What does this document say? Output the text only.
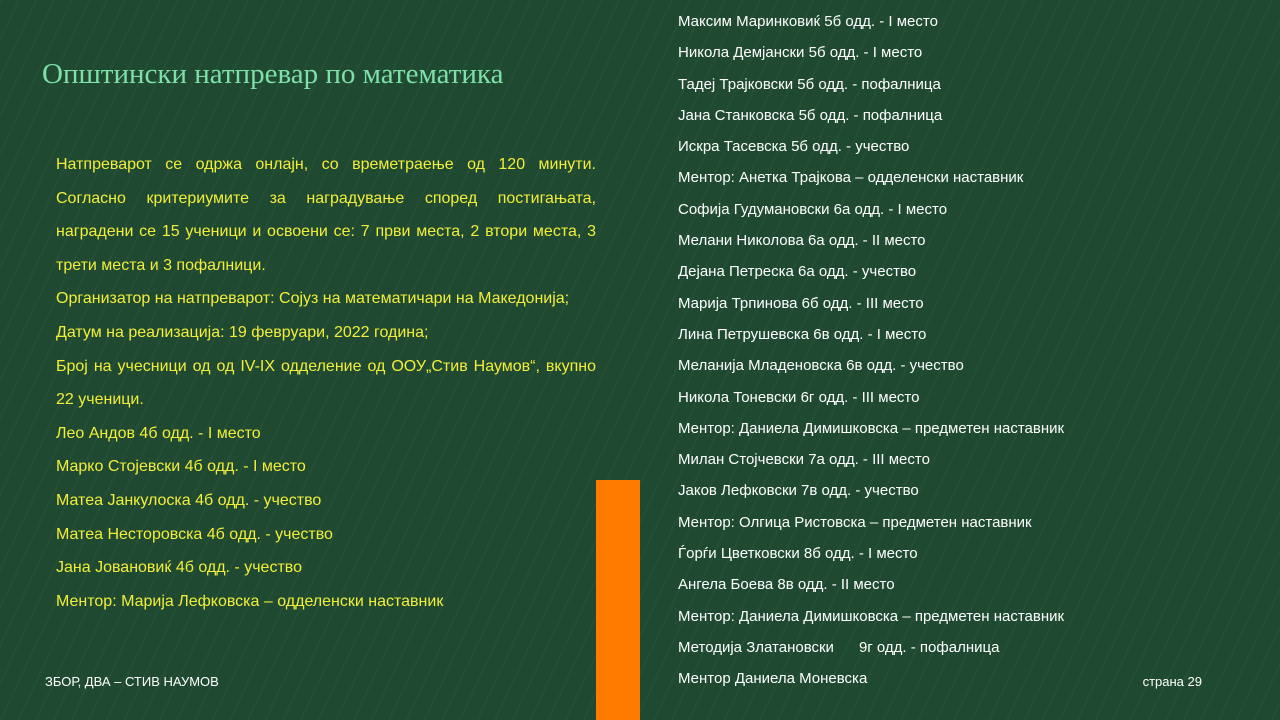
Општински натпревар по математика

Натпреварот се одржа онлајн, со времетраење од 120 минути. Согласно критериумите за наградување според постигањата, наградени се 15 ученици и освоени се: 7 први места, 2 втори места, 3 трети места и 3 пофалници.

Организатор на натпреварот: Сојуз на математичари на Македонија;

Датум на реализација: 19 февруари, 2022 година;

Број на учесници од од IV-IX одделение од ООУ„Стив Наумов“, вкупно 22 ученици.

Лео Андов 4б одд. - I место

Марко Стојевски 4б одд. - I место

Матеа Јанкулоска 4б одд. - учество

Матеа Несторовска 4б одд. - учество

Јана Јовановиќ 4б одд. - учество

Ментор: Марија Лефковска – одделенски наставник

Максим Маринковиќ 5б одд. - I место

Никола Демјански 5б одд. - I место

Тадеј Трајковски 5б одд. - пофалница

Јана Станковска 5б одд. - пофалница

Искра Тасевска 5б одд. - учество

Ментор: Анетка Трајкова – одделенски наставник

Софија Гудумановски 6а одд. - I место

Мелани Николова 6а одд. - II место

Дејана Петреска 6а одд. - учество

Марија Трпинова 6б одд. - III место

Лина Петрушевска 6в одд. - I место

Меланија Младеновска 6в одд. - учество

Никола Тоневски 6г одд. - III место

Ментор: Даниела Димишковска – предметен наставник

Милан Стојчевски 7а одд. - III место

Јаков Лефковски 7в одд. - учество

Ментор: Олгица Ристовска – предметен наставник

Ѓорѓи Цветковски 8б одд. - I место

Ангела Боева 8в одд. - II место

Ментор: Даниела Димишковска – предметен наставник

Методија Златановски      9г одд. - пофалница

Ментор Даниела Моневска

ЗБОР, ДВА – СТИВ НАУМОВ	страна 29
